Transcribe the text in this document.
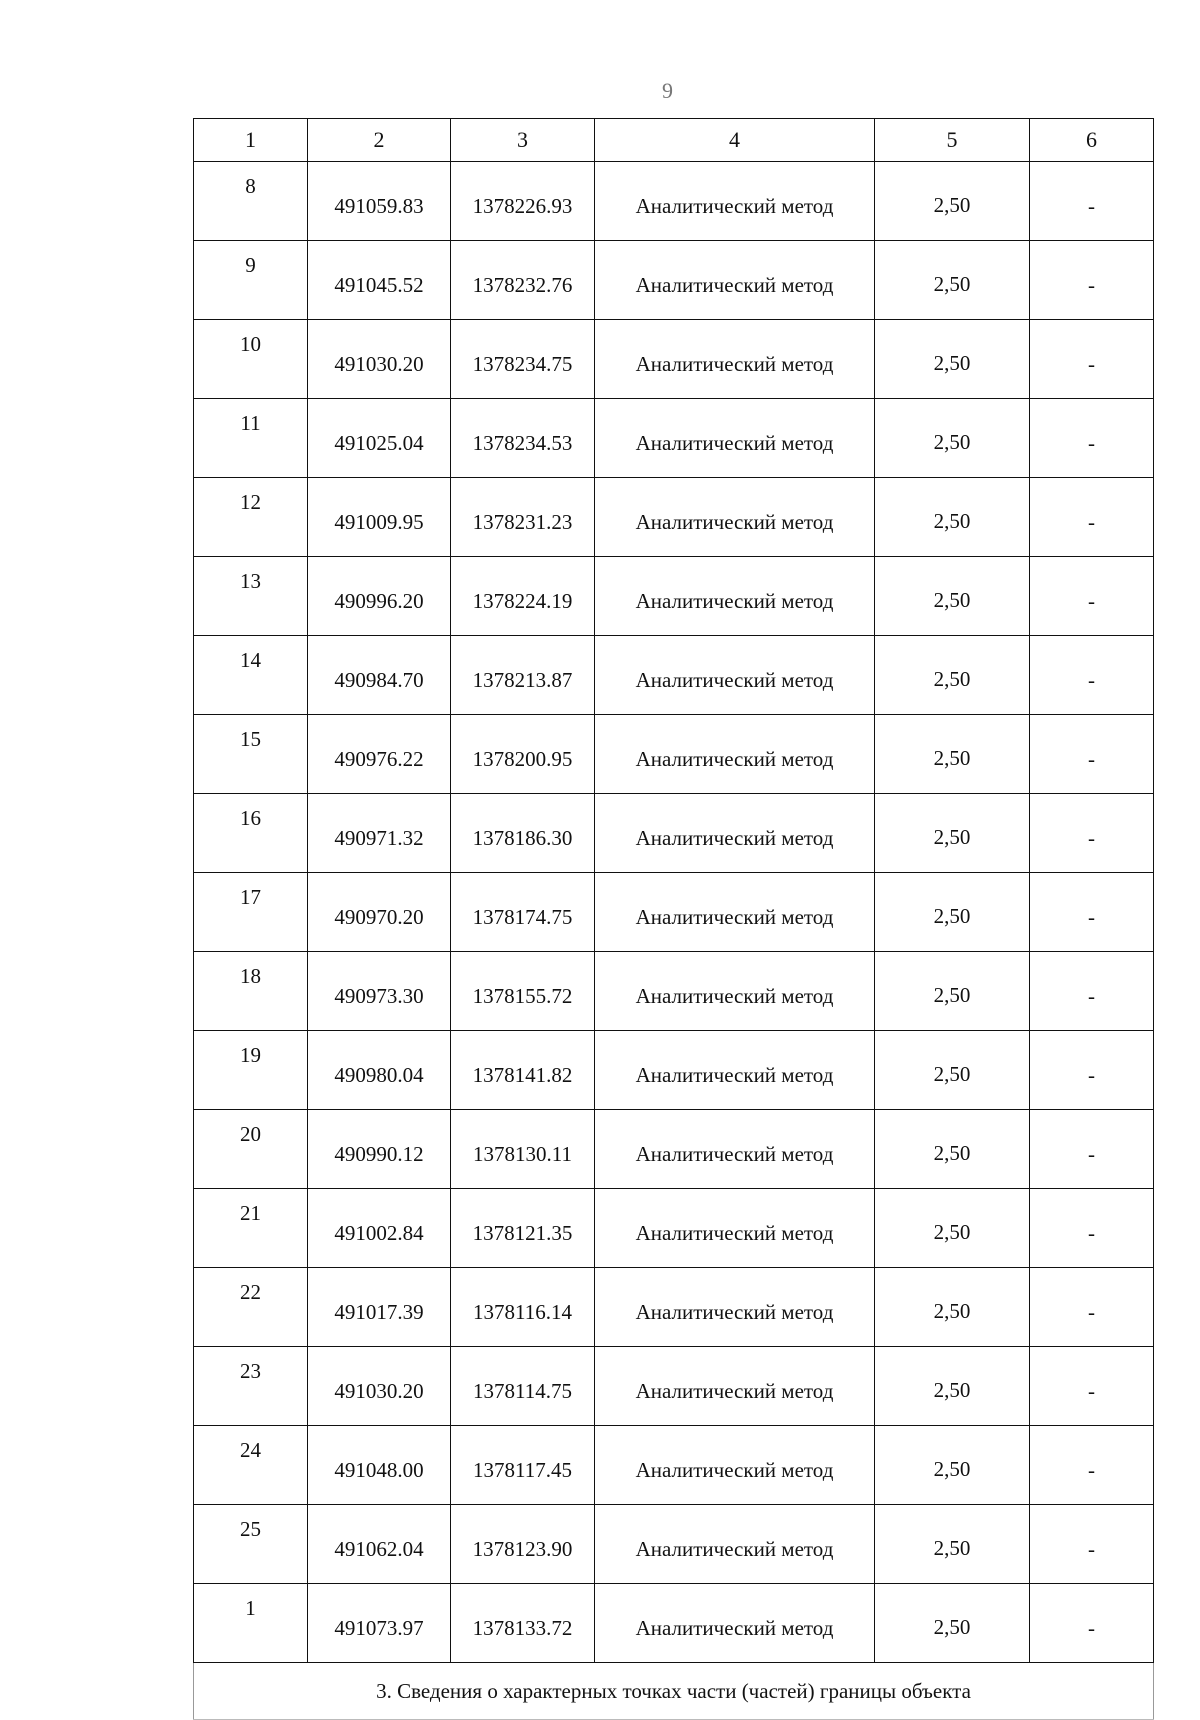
9
1	2	3	4	5	6
8	491059.83	1378226.93	Аналитический метод	2,50	-
9	491045.52	1378232.76	Аналитический метод	2,50	-
10	491030.20	1378234.75	Аналитический метод	2,50	-
11	491025.04	1378234.53	Аналитический метод	2,50	-
12	491009.95	1378231.23	Аналитический метод	2,50	-
13	490996.20	1378224.19	Аналитический метод	2,50	-
14	490984.70	1378213.87	Аналитический метод	2,50	-
15	490976.22	1378200.95	Аналитический метод	2,50	-
16	490971.32	1378186.30	Аналитический метод	2,50	-
17	490970.20	1378174.75	Аналитический метод	2,50	-
18	490973.30	1378155.72	Аналитический метод	2,50	-
19	490980.04	1378141.82	Аналитический метод	2,50	-
20	490990.12	1378130.11	Аналитический метод	2,50	-
21	491002.84	1378121.35	Аналитический метод	2,50	-
22	491017.39	1378116.14	Аналитический метод	2,50	-
23	491030.20	1378114.75	Аналитический метод	2,50	-
24	491048.00	1378117.45	Аналитический метод	2,50	-
25	491062.04	1378123.90	Аналитический метод	2,50	-
1	491073.97	1378133.72	Аналитический метод	2,50	-
3. Сведения о характерных точках части (частей) границы объекта					
